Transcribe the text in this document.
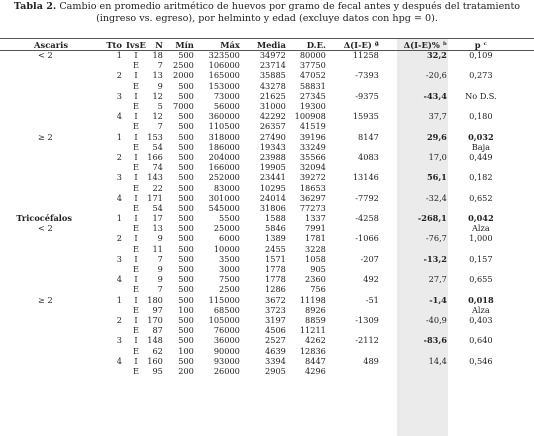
Tabla 2. Cambio en promedio aritmético de huevos por gramo de fecal antes y después del tratamiento
(ingreso vs. egreso), por helminto y edad (excluye datos con hpg = 0).
Ascaris	Tto	IvsE	N	Mín	Máx	Media	D.E.	Δ(I-E) ª	Δ(I-E)% ᵇ	p ᶜ
< 2	1	I	18	500	323500	34972	80000	11258	32,2	0,109
		E	7	2500	106000	23714	37750			
	2	I	13	2000	165000	35885	47052	-7393	-20,6	0,273
		E	9	500	153000	43278	58831			
	3	I	12	500	73000	21625	27345	-9375	-43,4	No D.S.
		E	5	7000	56000	31000	19300			
	4	I	12	500	360000	42292	100908	15935	37,7	0,180
		E	7	500	110500	26357	41519			
≥ 2	1	I	153	500	318000	27490	39196	8147	29,6	0,032
		E	54	500	186000	19343	33249			Baja
	2	I	166	500	204000	23988	35566	4083	17,0	0,449
		E	74	500	166000	19905	32094			
	3	I	143	500	252000	23441	39272	13146	56,1	0,182
		E	22	500	83000	10295	18653			
	4	I	171	500	301000	24014	36297	-7792	-32,4	0,652
		E	54	500	545000	31806	77273			
Tricocéfalos	1	I	17	500	5500	1588	1337	-4258	-268,1	0,042
< 2		E	13	500	25000	5846	7991			Alza
	2	I	9	500	6000	1389	1781	-1066	-76,7	1,000
		E	11	500	10000	2455	3228			
	3	I	7	500	3500	1571	1058	-207	-13,2	0,157
		E	9	500	3000	1778	905			
	4	I	9	500	7500	1778	2360	492	27,7	0,655
		E	7	500	2500	1286	756			
≥ 2	1	I	180	500	115000	3672	11198	-51	-1,4	0,018
		E	97	100	68500	3723	8926			Alza
	2	I	170	500	105000	3197	8859	-1309	-40,9	0,403
		E	87	500	76000	4506	11211			
	3	I	148	500	36000	2527	4262	-2112	-83,6	0,640
		E	62	100	90000	4639	12836			
	4	I	160	500	93000	3394	8447	489	14,4	0,546
		E	95	200	26000	2905	4296			
